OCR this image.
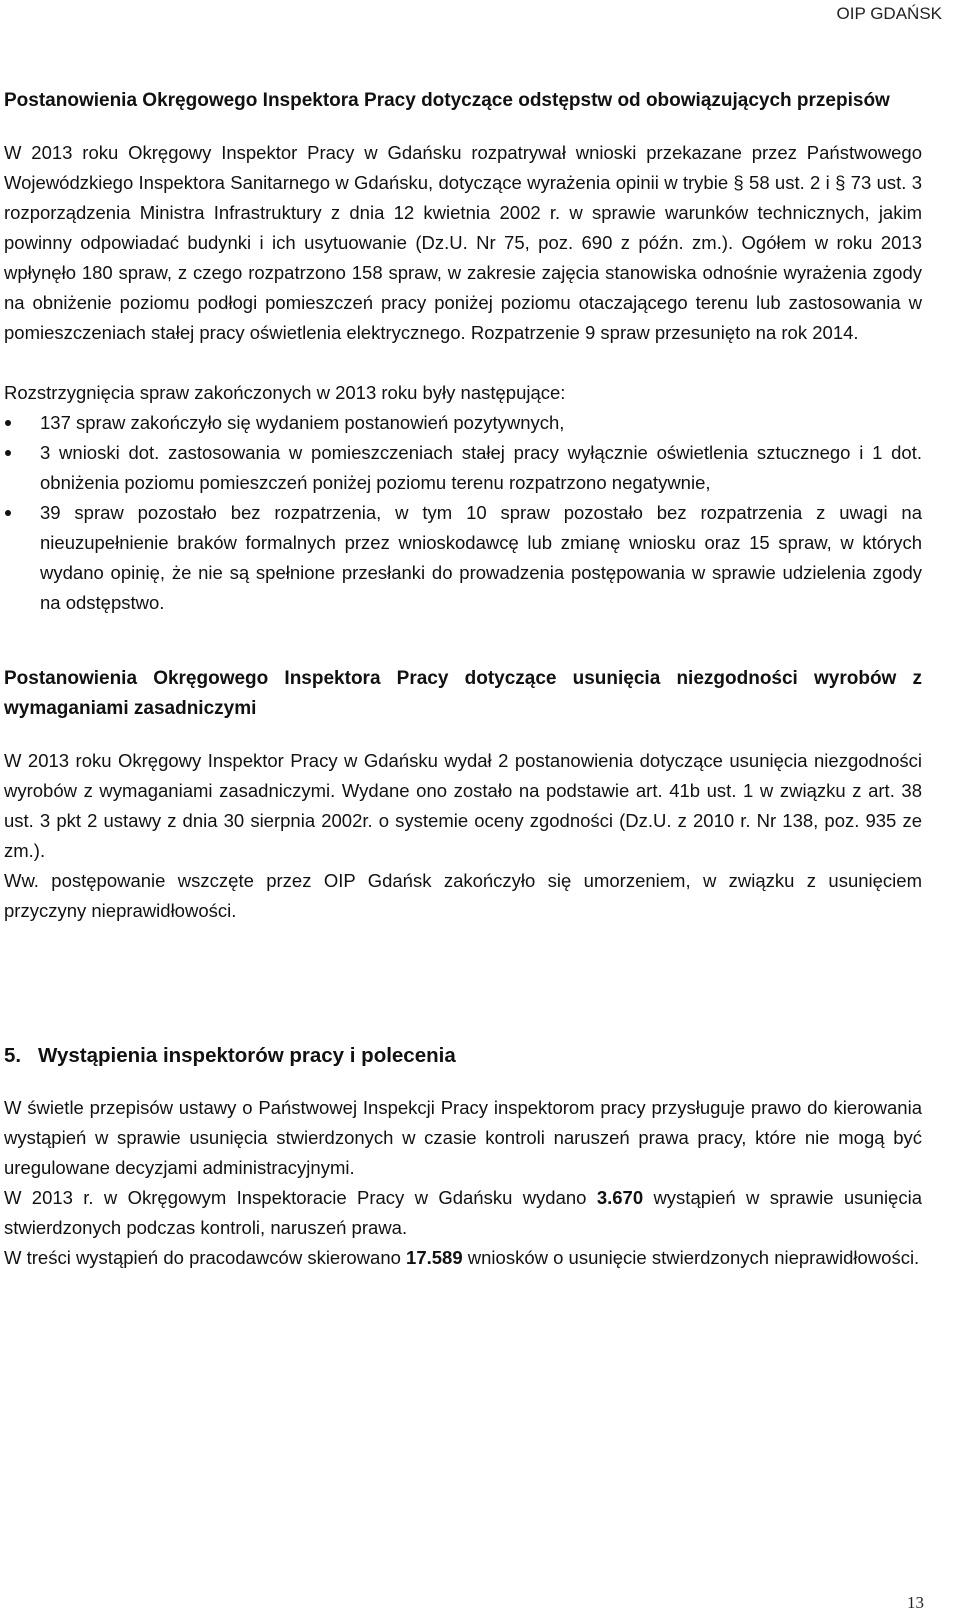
OIP GDAŃSK
Postanowienia Okręgowego Inspektora Pracy dotyczące odstępstw od obowiązujących przepisów

W 2013 roku Okręgowy Inspektor Pracy w Gdańsku rozpatrywał wnioski przekazane przez Państwowego Wojewódzkiego Inspektora Sanitarnego w Gdańsku, dotyczące wyrażenia opinii w trybie § 58 ust. 2 i § 73 ust. 3 rozporządzenia Ministra Infrastruktury z dnia 12 kwietnia 2002 r. w sprawie warunków technicznych, jakim powinny odpowiadać budynki i ich usytuowanie (Dz.U. Nr 75, poz. 690 z późn. zm.). Ogółem w roku 2013 wpłynęło 180 spraw, z czego rozpatrzono 158 spraw, w zakresie zajęcia stanowiska odnośnie wyrażenia zgody na obniżenie poziomu podłogi pomieszczeń pracy poniżej poziomu otaczającego terenu lub zastosowania w pomieszczeniach stałej pracy oświetlenia elektrycznego. Rozpatrzenie 9 spraw przesunięto na rok 2014.

Rozstrzygnięcia spraw zakończonych w 2013 roku były następujące:

137 spraw zakończyło się wydaniem postanowień pozytywnych,
3 wnioski dot. zastosowania w pomieszczeniach stałej pracy wyłącznie oświetlenia sztucznego i 1 dot. obniżenia poziomu pomieszczeń poniżej poziomu terenu rozpatrzono negatywnie,
39 spraw pozostało bez rozpatrzenia, w tym 10 spraw pozostało bez rozpatrzenia z uwagi na nieuzupełnienie braków formalnych przez wnioskodawcę lub zmianę wniosku oraz 15 spraw, w których wydano opinię, że nie są spełnione przesłanki do prowadzenia postępowania w sprawie udzielenia zgody na odstępstwo.
Postanowienia Okręgowego Inspektora Pracy dotyczące usunięcia niezgodności wyrobów z wymaganiami zasadniczymi

W 2013 roku Okręgowy Inspektor Pracy w Gdańsku wydał 2 postanowienia dotyczące usunięcia niezgodności wyrobów z wymaganiami zasadniczymi. Wydane ono zostało na podstawie art. 41b ust. 1 w związku z art. 38 ust. 3 pkt 2 ustawy z dnia 30 sierpnia 2002r. o systemie oceny zgodności (Dz.U. z 2010 r. Nr 138, poz. 935 ze zm.).

Ww. postępowanie wszczęte przez OIP Gdańsk zakończyło się umorzeniem, w związku z usunięciem przyczyny nieprawidłowości.

5. Wystąpienia inspektorów pracy i polecenia

W świetle przepisów ustawy o Państwowej Inspekcji Pracy inspektorom pracy przysługuje prawo do kierowania wystąpień w sprawie usunięcia stwierdzonych w czasie kontroli naruszeń prawa pracy, które nie mogą być uregulowane decyzjami administracyjnymi.

W 2013 r. w Okręgowym Inspektoracie Pracy w Gdańsku wydano 3.670 wystąpień w sprawie usunięcia stwierdzonych podczas kontroli, naruszeń prawa.

W treści wystąpień do pracodawców skierowano 17.589 wniosków o usunięcie stwierdzonych nieprawidłowości.

13
